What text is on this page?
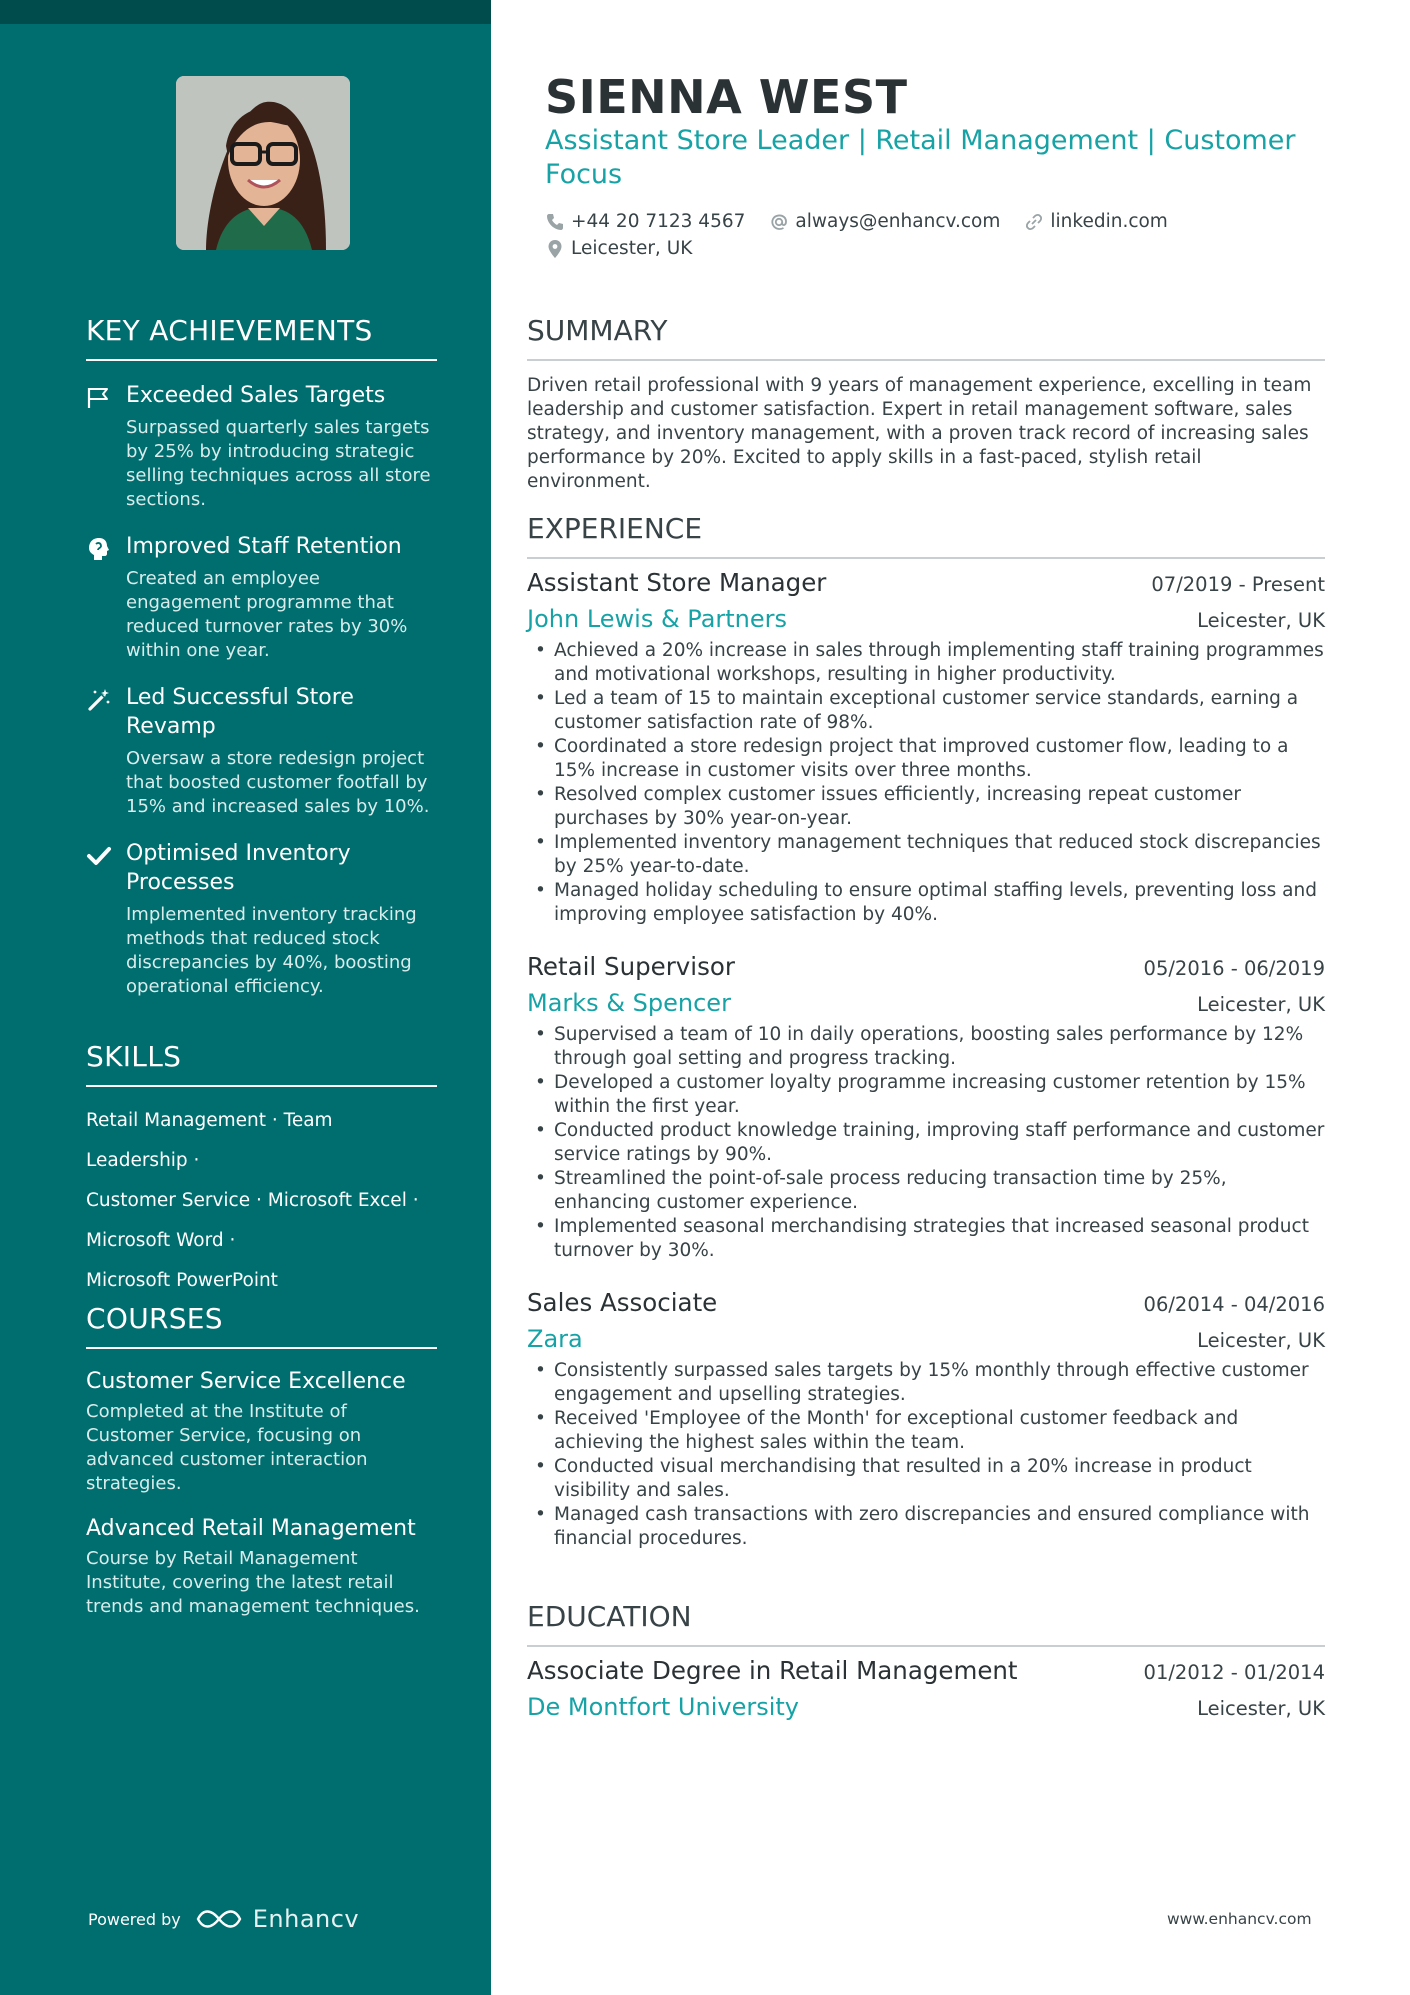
KEY ACHIEVEMENTS
Exceeded Sales Targets
Surpassed quarterly sales targets by 25% by introducing strategic selling techniques across all store sections.
Improved Staff Retention
Created an employee engagement programme that reduced turnover rates by 30% within one year.
Led Successful Store Revamp
Oversaw a store redesign project that boosted customer footfall by 15% and increased sales by 10%.
Optimised Inventory Processes
Implemented inventory tracking methods that reduced stock discrepancies by 40%, boosting operational efficiency.
SKILLS
Retail Management · Team Leadership ·
Customer Service · Microsoft Excel ·
Microsoft Word ·
Microsoft PowerPoint
COURSES
Customer Service Excellence
Completed at the Institute of Customer Service, focusing on advanced customer interaction strategies.
Advanced Retail Management
Course by Retail Management Institute, covering the latest retail trends and management techniques.
Powered by	Enhancv
SIENNA WEST
Assistant Store Leader | Retail Management | Customer Focus
+44 20 7123 4567	always@enhancv.com	linkedin.com
Leicester, UK
SUMMARY
Driven retail professional with 9 years of management experience, excelling in team leadership and customer satisfaction. Expert in retail management software, sales strategy, and inventory management, with a proven track record of increasing sales performance by 20%. Excited to apply skills in a fast-paced, stylish retail environment.
EXPERIENCE
Assistant Store Manager	07/2019 - Present
John Lewis & Partners	Leicester, UK
• Achieved a 20% increase in sales through implementing staff training programmes and motivational workshops, resulting in higher productivity.
• Led a team of 15 to maintain exceptional customer service standards, earning a customer satisfaction rate of 98%.
• Coordinated a store redesign project that improved customer flow, leading to a 15% increase in customer visits over three months.
• Resolved complex customer issues efficiently, increasing repeat customer purchases by 30% year-on-year.
• Implemented inventory management techniques that reduced stock discrepancies by 25% year-to-date.
• Managed holiday scheduling to ensure optimal staffing levels, preventing loss and improving employee satisfaction by 40%.
Retail Supervisor	05/2016 - 06/2019
Marks & Spencer	Leicester, UK
• Supervised a team of 10 in daily operations, boosting sales performance by 12% through goal setting and progress tracking.
• Developed a customer loyalty programme increasing customer retention by 15% within the first year.
• Conducted product knowledge training, improving staff performance and customer service ratings by 90%.
• Streamlined the point-of-sale process reducing transaction time by 25%, enhancing customer experience.
• Implemented seasonal merchandising strategies that increased seasonal product turnover by 30%.
Sales Associate	06/2014 - 04/2016
Zara	Leicester, UK
• Consistently surpassed sales targets by 15% monthly through effective customer engagement and upselling strategies.
• Received 'Employee of the Month' for exceptional customer feedback and achieving the highest sales within the team.
• Conducted visual merchandising that resulted in a 20% increase in product visibility and sales.
• Managed cash transactions with zero discrepancies and ensured compliance with financial procedures.
EDUCATION
Associate Degree in Retail Management	01/2012 - 01/2014
De Montfort University	Leicester, UK
www.enhancv.com
